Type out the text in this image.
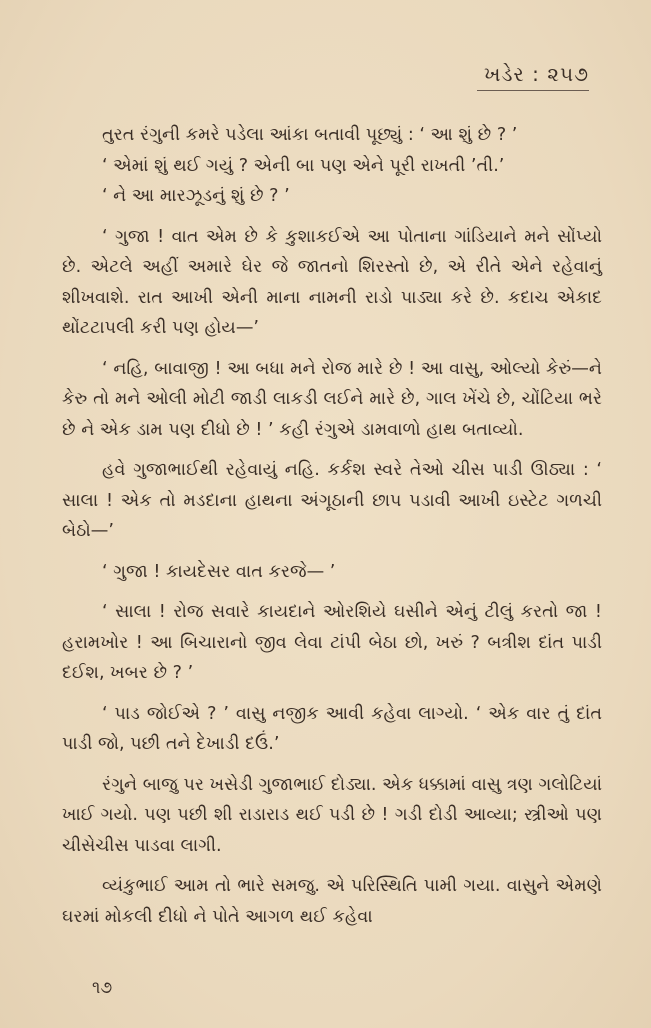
ખડેર : ૨૫૭

તુરત રંગુની કમરે પડેલા આંકા બતાવી પૂછ્યું : ‘ આ શું છે ? ’

‘ એમાં શું થઈ ગયું ? એની બા પણ એને પૂરી રાખતી ’તી.’

‘ ને આ મારઝૂડનું શું છે ? ’

‘ ગુજા ! વાત એમ છે કે કુશાકઈએ આ પોતાના ગાંડિયાને મને સોંપ્યો છે. એટલે અહીં અમારે ઘેર જે જાતનો શિરસ્તો છે, એ રીતે એને રહેવાનું શીખવાશે. રાત આખી એની માના નામની રાડો પાડ્યા કરે છે. કદાચ એકાદ થોંટટાપલી કરી પણ હોય—’

‘ નહિ, બાવાજી ! આ બધા મને રોજ મારે છે ! આ વાસુ, ઓલ્યો કેરું—ને કેરુ તો મને ઓલી મોટી જાડી લાકડી લઈને મારે છે, ગાલ ખેંચે છે, ચોંટિયા ભરે છે ને એક ડામ પણ દીધો છે ! ’ કહી રંગુએ ડામવાળો હાથ બતાવ્યો.

હવે ગુજાભાઈથી રહેવાયું નહિ. કર્કશ સ્વરે તેઓ ચીસ પાડી ઊઠ્યા : ‘ સાલા ! એક તો મડદાના હાથના અંગૂઠાની છાપ પડાવી આખી ઇસ્ટેટ ગળચી બેઠો—’

‘ ગુજા ! કાયદેસર વાત કરજે— ’

‘ સાલા ! રોજ સવારે કાયદાને ઓરશિયે ઘસીને એનું ટીલું કરતો જા ! હરામખોર ! આ બિચારાનો જીવ લેવા ટાંપી બેઠા છો, ખરું ? બત્રીશ દાંત પાડી દઈશ, ખબર છે ? ’

‘ પાડ જોઈએ ? ’ વાસુ નજીક આવી કહેવા લાગ્યો. ‘ એક વાર તું દાંત પાડી જો, પછી તને દેખાડી દઉં.’

રંગુને બાજુ પર ખસેડી ગુજાભાઈ દોડ્યા. એક ધક્કામાં વાસુ ત્રણ ગલોટિયાં ખાઈ ગયો. પણ પછી શી રાડારાડ થઈ પડી છે ! ગડી દોડી આવ્યા; સ્ત્રીઓ પણ ચીસેચીસ પાડવા લાગી.

વ્યંકુભાઈ આમ તો ભારે સમજુ. એ પરિસ્થિતિ પામી ગયા. વાસુને એમણે ઘરમાં મોકલી દીધો ને પોતે આગળ થઈ કહેવા

૧૭
